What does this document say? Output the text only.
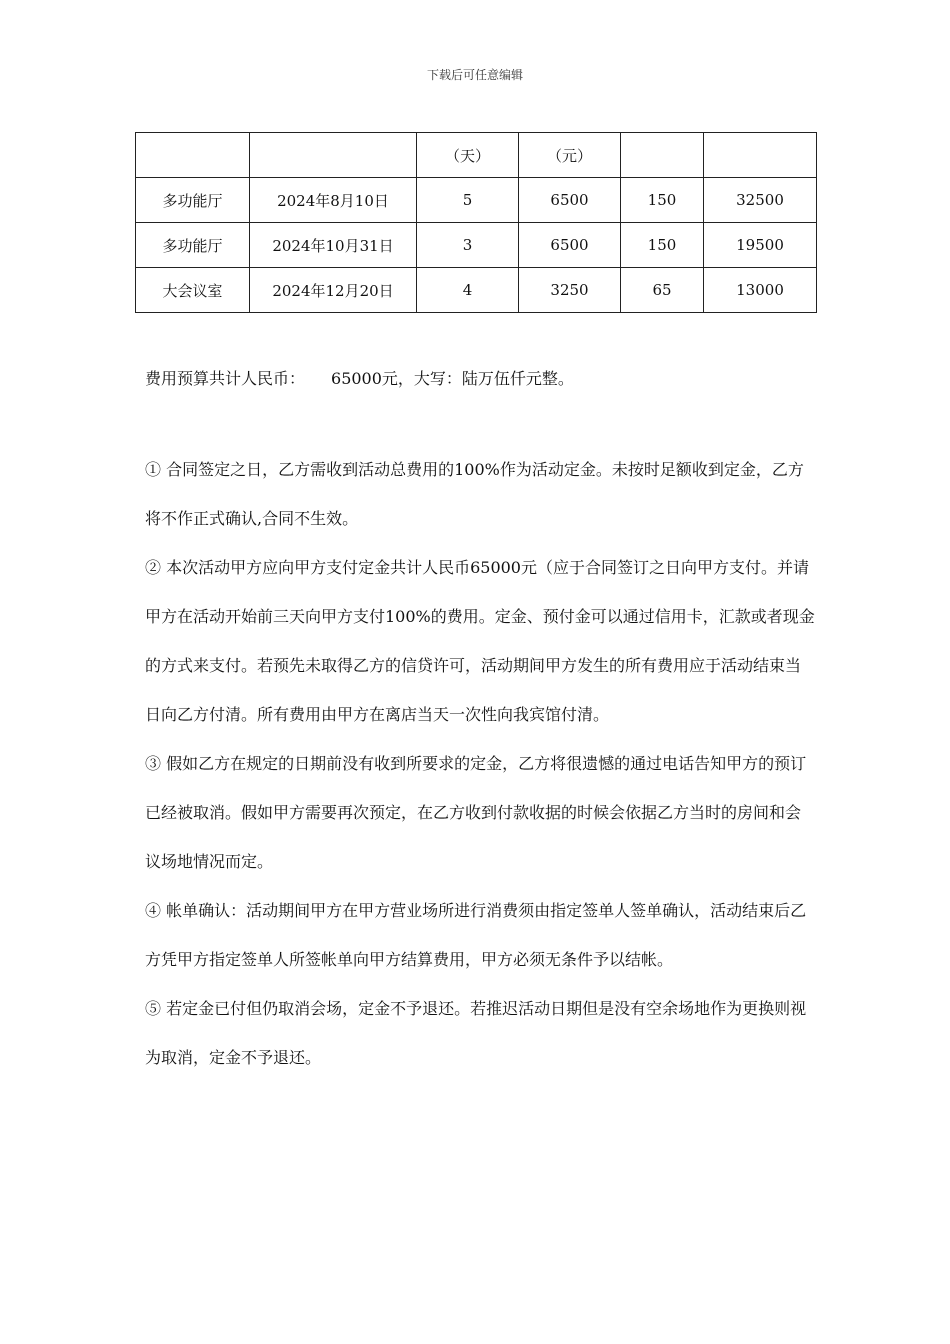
下载后可任意编辑
		（天）	（元）		
多功能厅	2024年8月10日	5	6500	150	32500
多功能厅	2024年10月31日	3	6500	150	19500
大会议室	2024年12月20日	4	3250	65	13000
费用预算共计人民币： 65000元，大写：陆万伍仟元整。

① 合同签定之日，乙方需收到活动总费用的100%作为活动定金。未按时足额收到定金，乙方将不作正式确认,合同不生效。

② 本次活动甲方应向甲方支付定金共计人民币65000元（应于合同签订之日向甲方支付。并请甲方在活动开始前三天向甲方支付100%的费用。定金、预付金可以通过信用卡，汇款或者现金的方式来支付。若预先未取得乙方的信贷许可，活动期间甲方发生的所有费用应于活动结束当日向乙方付清。所有费用由甲方在离店当天一次性向我宾馆付清。

③ 假如乙方在规定的日期前没有收到所要求的定金，乙方将很遗憾的通过电话告知甲方的预订已经被取消。假如甲方需要再次预定，在乙方收到付款收据的时候会依据乙方当时的房间和会议场地情况而定。

④ 帐单确认：活动期间甲方在甲方营业场所进行消费须由指定签单人签单确认，活动结束后乙方凭甲方指定签单人所签帐单向甲方结算费用，甲方必须无条件予以结帐。

⑤ 若定金已付但仍取消会场，定金不予退还。若推迟活动日期但是没有空余场地作为更换则视为取消，定金不予退还。
